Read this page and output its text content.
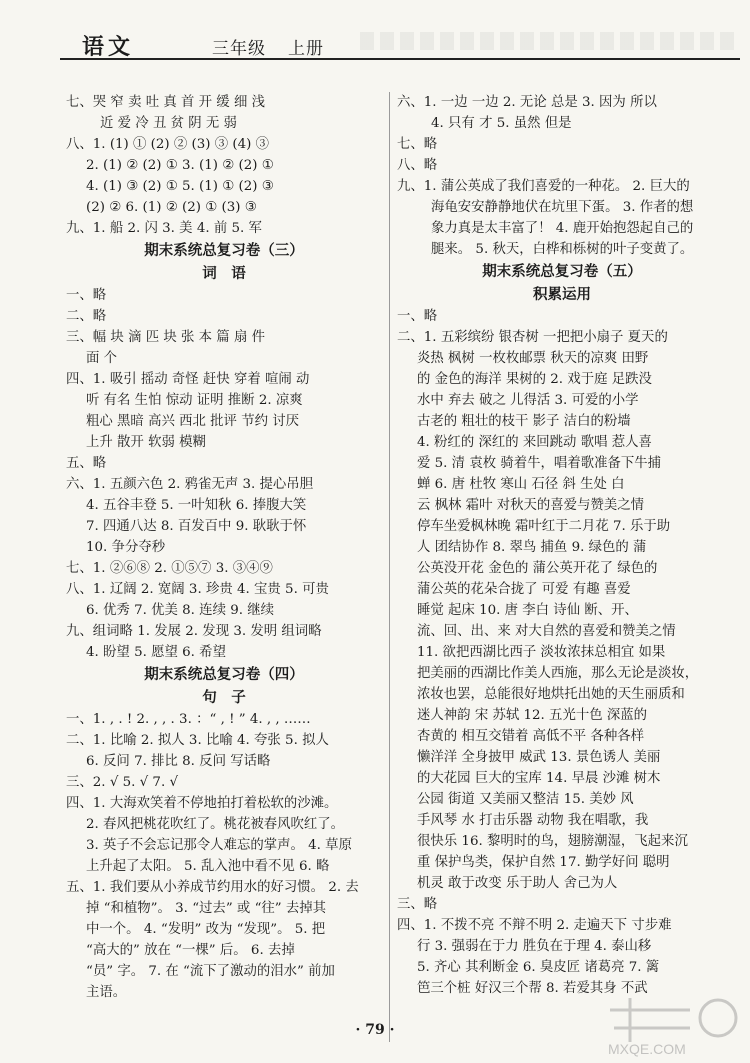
语文	三年级 上册
七、哭 窄 卖 吐 真 首 开 缓 细 浅
近 爱 冷 丑 贫 阴 无 弱
八、1. (1) ① (2) ② (3) ③ (4) ③
2. (1) ② (2) ① 3. (1) ② (2) ①
4. (1) ③ (2) ① 5. (1) ① (2) ③
(2) ② 6. (1) ② (2) ① (3) ③
九、1. 船 2. 闪 3. 美 4. 前 5. 军
期末系统总复习卷（三）
词　语
一、略
二、略
三、幅 块 滴 匹 块 张 本 篇 扇 件
面 个
四、1. 吸引 摇动 奇怪 赶快 穿着 喧闹 动
听 有名 生怕 惊动 证明 推断 2. 凉爽
粗心 黑暗 高兴 西北 批评 节约 讨厌
上升 散开 软弱 模糊
五、略
六、1. 五颜六色 2. 鸦雀无声 3. 提心吊胆
4. 五谷丰登 5. 一叶知秋 6. 捧腹大笑
7. 四通八达 8. 百发百中 9. 耿耿于怀
10. 争分夺秒
七、1. ②⑥⑧ 2. ①⑤⑦ 3. ③④⑨
八、1. 辽阔 2. 宽阔 3. 珍贵 4. 宝贵 5. 可贵
6. 优秀 7. 优美 8. 连续 9. 继续
九、组词略 1. 发展 2. 发现 3. 发明 组词略
4. 盼望 5. 愿望 6. 希望
期末系统总复习卷（四）
句　子
一、1. , . ! 2. , , . 3. ：“ , ! ” 4. , , ……
二、1. 比喻 2. 拟人 3. 比喻 4. 夸张 5. 拟人
6. 反问 7. 排比 8. 反问 写话略
三、2. √ 5. √ 7. √
四、1. 大海欢笑着不停地拍打着松软的沙滩。
2. 春风把桃花吹红了。桃花被春风吹红了。
3. 英子不会忘记那令人难忘的掌声。 4. 草原
上升起了太阳。 5. 乱入池中看不见 6. 略
五、1. 我们要从小养成节约用水的好习惯。 2. 去
掉 “和植物”。 3. “过去” 或 “往” 去掉其
中一个。 4. “发明” 改为 “发现”。 5. 把
“高大的” 放在 “一棵” 后。 6. 去掉
“员” 字。 7. 在 “流下了激动的泪水” 前加
主语。
六、1. 一边 一边 2. 无论 总是 3. 因为 所以
4. 只有 才 5. 虽然 但是
七、略
八、略
九、1. 蒲公英成了我们喜爱的一种花。 2. 巨大的
海龟安安静静地伏在坑里下蛋。 3. 作者的想
象力真是太丰富了！ 4. 鹿开始抱怨起自己的
腿来。 5. 秋天，白桦和栎树的叶子变黄了。
期末系统总复习卷（五）
积累运用
一、略
二、1. 五彩缤纷 银杏树 一把把小扇子 夏天的
炎热 枫树 一枚枚邮票 秋天的凉爽 田野
的 金色的海洋 果树的 2. 戏于庭 足跌没
水中 弃去 破之 儿得活 3. 可爱的小学
古老的 粗壮的枝干 影子 洁白的粉墙
4. 粉红的 深红的 来回跳动 歌唱 惹人喜
爱 5. 清 袁枚 骑着牛，唱着歌准备下牛捕
蝉 6. 唐 杜牧 寒山 石径 斜 生处 白
云 枫林 霜叶 对秋天的喜爱与赞美之情
停车坐爱枫林晚 霜叶红于二月花 7. 乐于助
人 团结协作 8. 翠鸟 捕鱼 9. 绿色的 蒲
公英没开花 金色的 蒲公英开花了 绿色的
蒲公英的花朵合拢了 可爱 有趣 喜爱
睡觉 起床 10. 唐 李白 诗仙 断、开、
流、回、出、来 对大自然的喜爱和赞美之情
11. 欲把西湖比西子 淡妆浓抹总相宜 如果
把美丽的西湖比作美人西施，那么无论是淡妆，
浓妆也罢，总能很好地烘托出她的天生丽质和
迷人神韵 宋 苏轼 12. 五光十色 深蓝的
杏黄的 相互交错着 高低不平 各种各样
懒洋洋 全身披甲 威武 13. 景色诱人 美丽
的大花园 巨大的宝库 14. 早晨 沙滩 树木
公园 街道 又美丽又整洁 15. 美妙 风
手风琴 水 打击乐器 动物 我在唱歌，我
很快乐 16. 黎明时的鸟，翅膀潮湿，飞起来沉
重 保护鸟类，保护自然 17. 勤学好问 聪明
机灵 敢于改变 乐于助人 舍己为人
三、略
四、1. 不拨不亮 不辩不明 2. 走遍天下 寸步难
行 3. 强弱在于力 胜负在于理 4. 泰山移
5. 齐心 其利断金 6. 臭皮匠 诸葛亮 7. 篱
笆三个桩 好汉三个帮 8. 若爱其身 不武
· 79 ·
MXQE.COM
